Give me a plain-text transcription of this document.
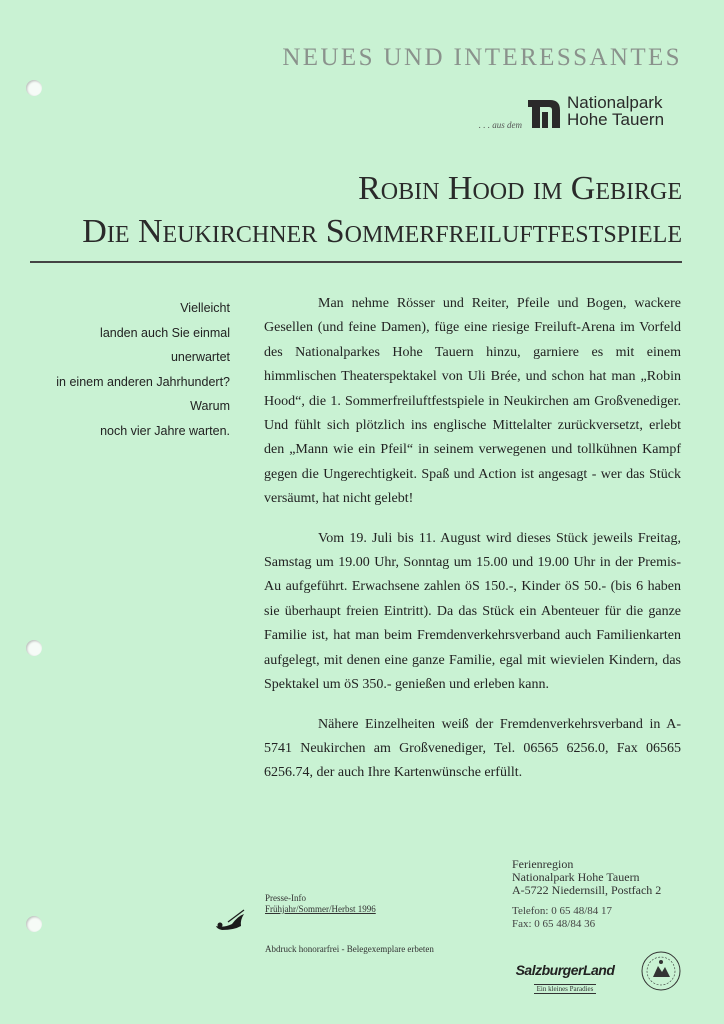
NEUES UND INTERESSANTES
. . . aus dem
Nationalpark
Hohe Tauern
Robin Hood im Gebirge
Die Neukirchner Sommerfreiluftfestspiele
Vielleicht
landen auch Sie einmal
unerwartet
in einem anderen Jahrhundert?
Warum
noch vier Jahre warten.

Man nehme Rösser und Reiter, Pfeile und Bogen, wackere Gesellen (und feine Damen), füge eine riesige Freiluft-Arena im Vorfeld des Nationalparkes Hohe Tauern hinzu, garniere es mit einem himmlischen Theaterspektakel von Uli Brée, und schon hat man „Robin Hood“, die 1. Sommerfreiluftfestspiele in Neukirchen am Großvenediger. Und fühlt sich plötzlich ins englische Mittelalter zurückversetzt, erlebt den „Mann wie ein Pfeil“ in seinem verwegenen und tollkühnen Kampf gegen die Ungerechtigkeit. Spaß und Action ist angesagt - wer das Stück versäumt, hat nicht gelebt!

Vom 19. Juli bis 11. August wird dieses Stück jeweils Freitag, Samstag um 19.00 Uhr, Sonntag um 15.00 und 19.00 Uhr in der Premis-Au aufgeführt. Erwachsene zahlen öS 150.-, Kinder öS 50.- (bis 6 haben sie überhaupt freien Eintritt). Da das Stück ein Abenteuer für die ganze Familie ist, hat man beim Fremdenverkehrsverband auch Familienkarten aufgelegt, mit denen eine ganze Familie, egal mit wievielen Kindern, das Spektakel um öS 350.- genießen und erleben kann.

Nähere Einzelheiten weiß der Fremdenverkehrsverband in A-5741 Neukirchen am Großvenediger, Tel. 06565 6256.0, Fax 06565 6256.74, der auch Ihre Kartenwünsche erfüllt.

Presse-Info
Frühjahr/Sommer/Herbst 1996
Abdruck honorarfrei - Belegexemplare erbeten
Ferienregion
Nationalpark Hohe Tauern
A-5722 Niedernsill, Postfach 2
Telefon: 0 65 48/84 17
Fax: 0 65 48/84 36
SalzburgerLand
Ein kleines Paradies
